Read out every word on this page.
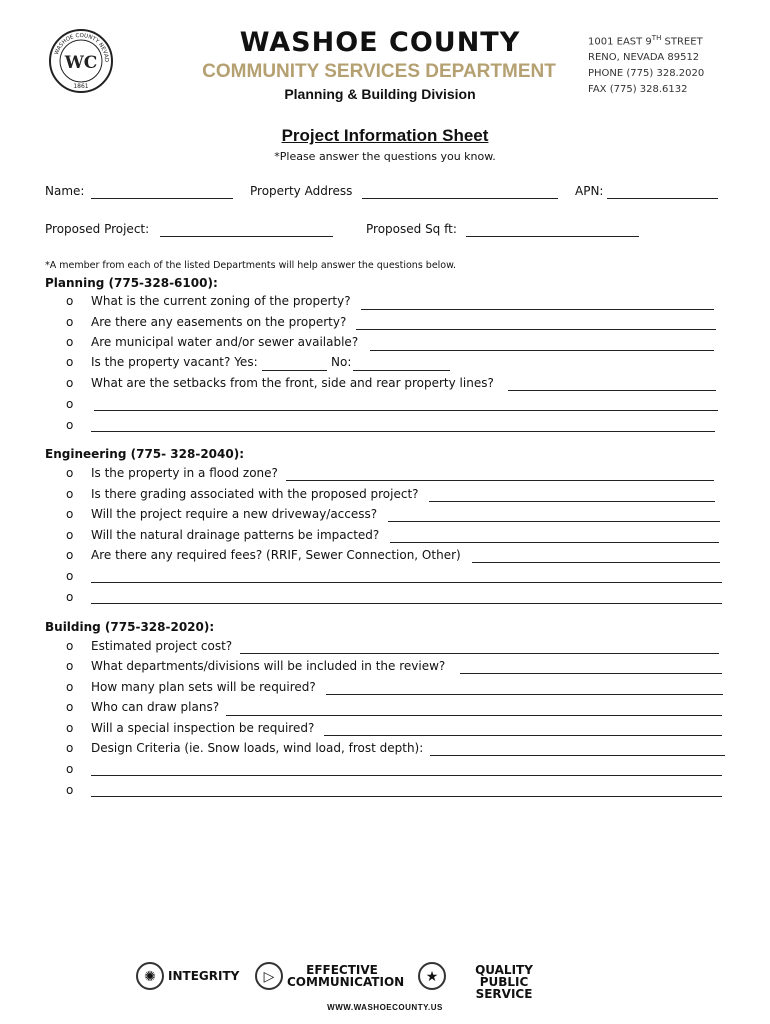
WC
1861
WASHOE COUNTY NEVAD
WASHOE COUNTY
COMMUNITY SERVICES DEPARTMENT
Planning & Building Division
1001 EAST 9TH STREET
RENO, NEVADA 89512
PHONE (775) 328.2020
FAX (775) 328.6132
Project Information Sheet
*Please answer the questions you know.
Name:	Property Address	APN:
Proposed Project:	Proposed Sq ft:
*A member from each of the listed Departments will help answer the questions below.
Planning (775-328-6100):
o What is the current zoning of the property?
o Are there any easements on the property?
o Are municipal water and/or sewer available?
o Is the property vacant? Yes:	No:
o What are the setbacks from the front, side and rear property lines?
o
o
Engineering (775- 328-2040):
o Is the property in a flood zone?
o Is there grading associated with the proposed project?
o Will the project require a new driveway/access?
o Will the natural drainage patterns be impacted?
o Are there any required fees? (RRIF, Sewer Connection, Other)
o
o
Building (775-328-2020):
o Estimated project cost?
o What departments/divisions will be included in the review?
o How many plan sets will be required?
o Who can draw plans?
o Will a special inspection be required?
o Design Criteria (ie. Snow loads, wind load, frost depth):
o
o
✺	INTEGRITY	▷	EFFECTIVE
COMMUNICATION	★	QUALITY
PUBLIC SERVICE
WWW.WASHOECOUNTY.US
